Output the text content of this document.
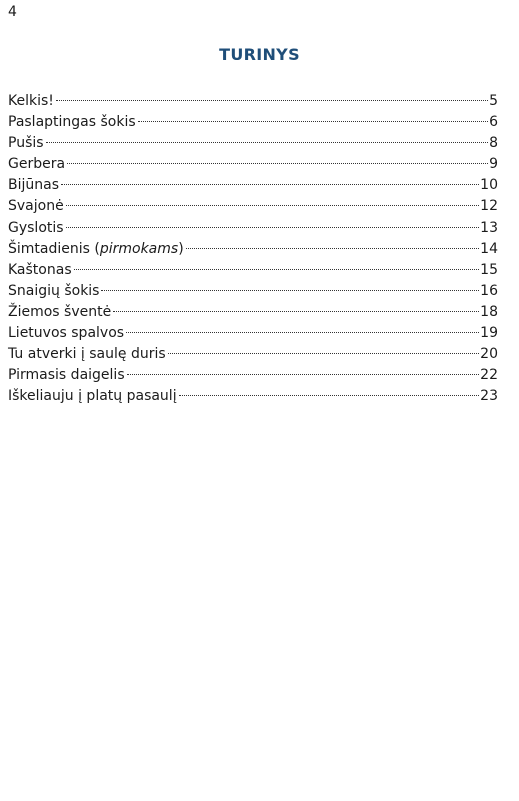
4
TURINYS
Kelkis!	5
Paslaptingas šokis	6
Pušis	8
Gerbera	9
Bijūnas	10
Svajonė	12
Gyslotis	13
Šimtadienis (pirmokams)	14
Kaštonas	15
Snaigių šokis	16
Žiemos šventė	18
Lietuvos spalvos	19
Tu atverki į saulę duris	20
Pirmasis daigelis	22
Iškeliauju į platų pasaulį	23
